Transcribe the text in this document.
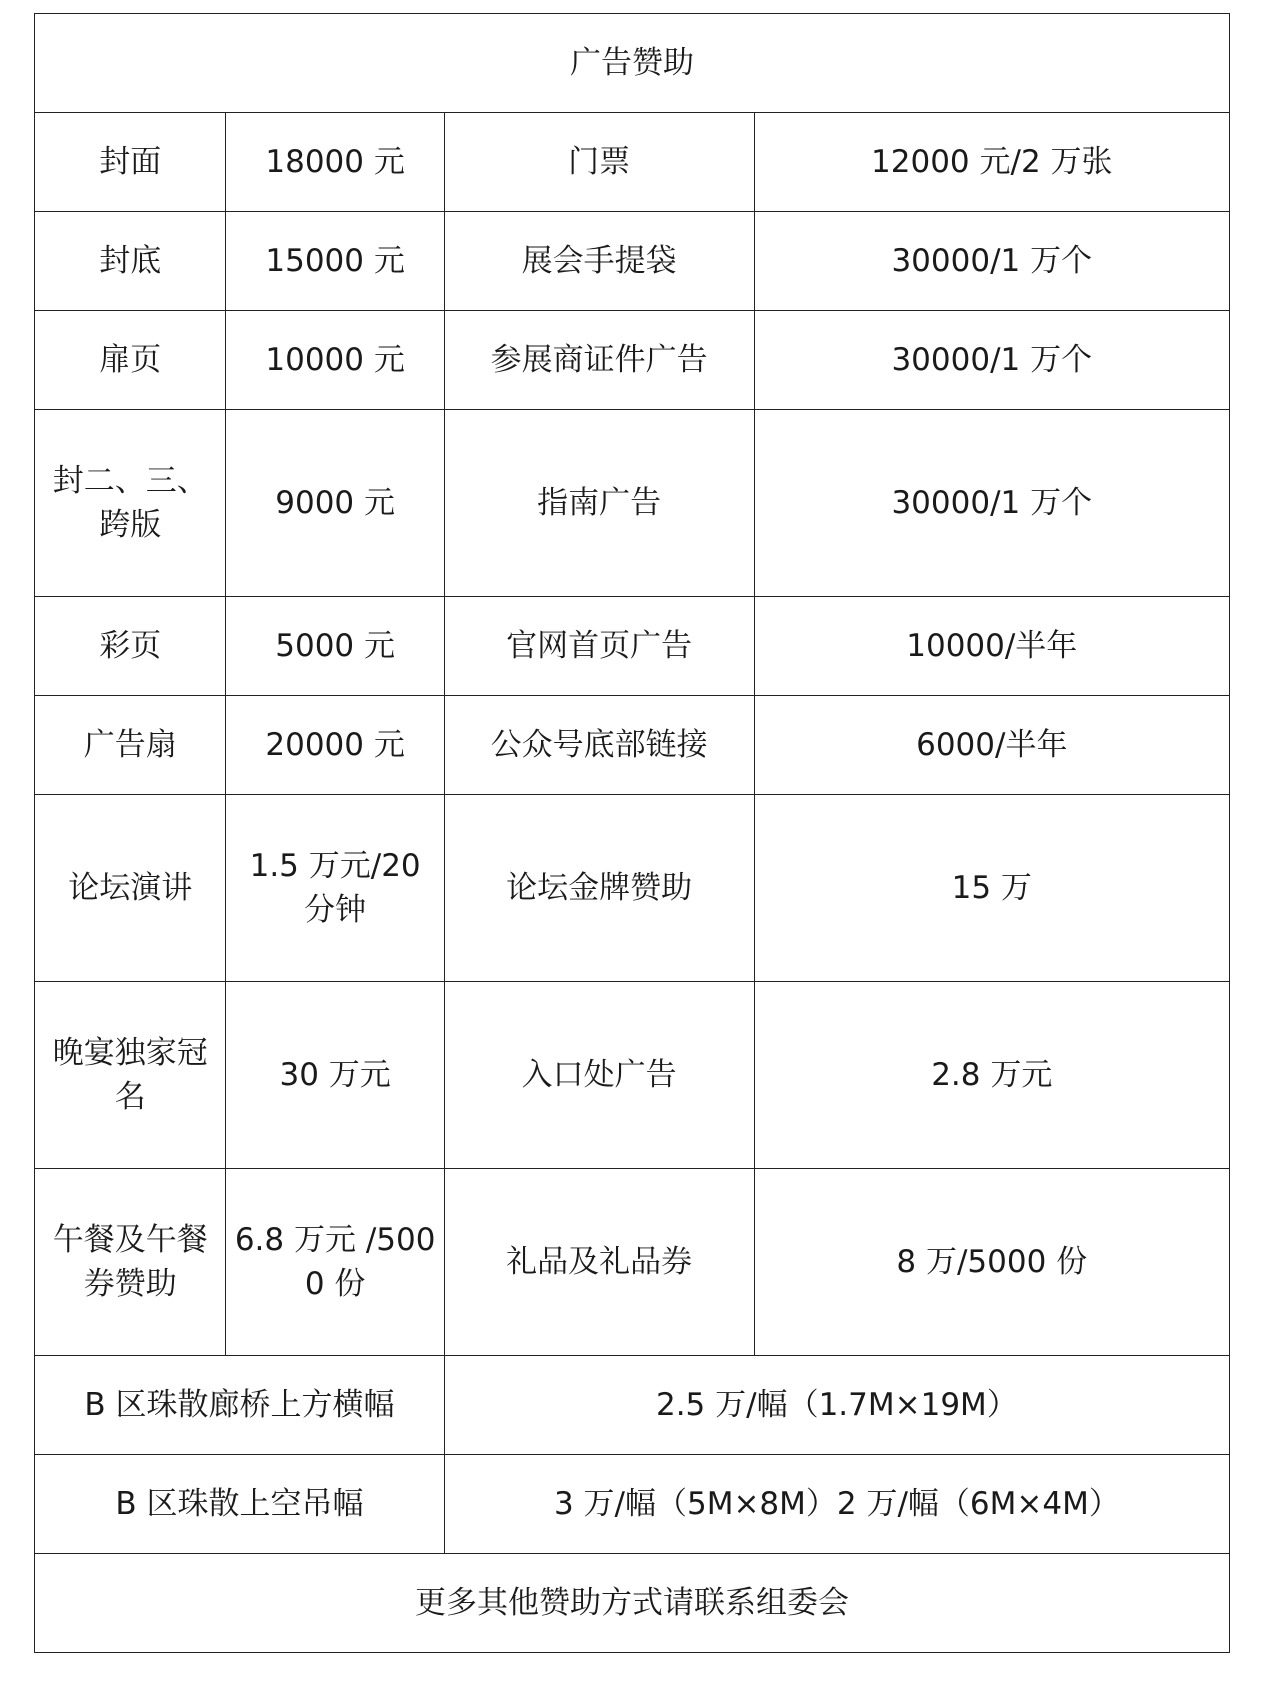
广告赞助			
封面	18000 元	门票	12000 元/2 万张
封底	15000 元	展会手提袋	30000/1 万个
扉页	10000 元	参展商证件广告	30000/1 万个
封二、三、跨版	9000 元	指南广告	30000/1 万个
彩页	5000 元	官网首页广告	10000/半年
广告扇	20000 元	公众号底部链接	6000/半年
论坛演讲	1.5 万元/20 分钟	论坛金牌赞助	15 万
晚宴独家冠名	30 万元	入口处广告	2.8 万元
午餐及午餐券赞助	6.8 万元 /5000 份	礼品及礼品券	8 万/5000 份
B 区珠散廊桥上方横幅		2.5 万/幅（1.7M×19M）	
B 区珠散上空吊幅		3 万/幅（5M×8M）2 万/幅（6M×4M）	
更多其他赞助方式请联系组委会			
